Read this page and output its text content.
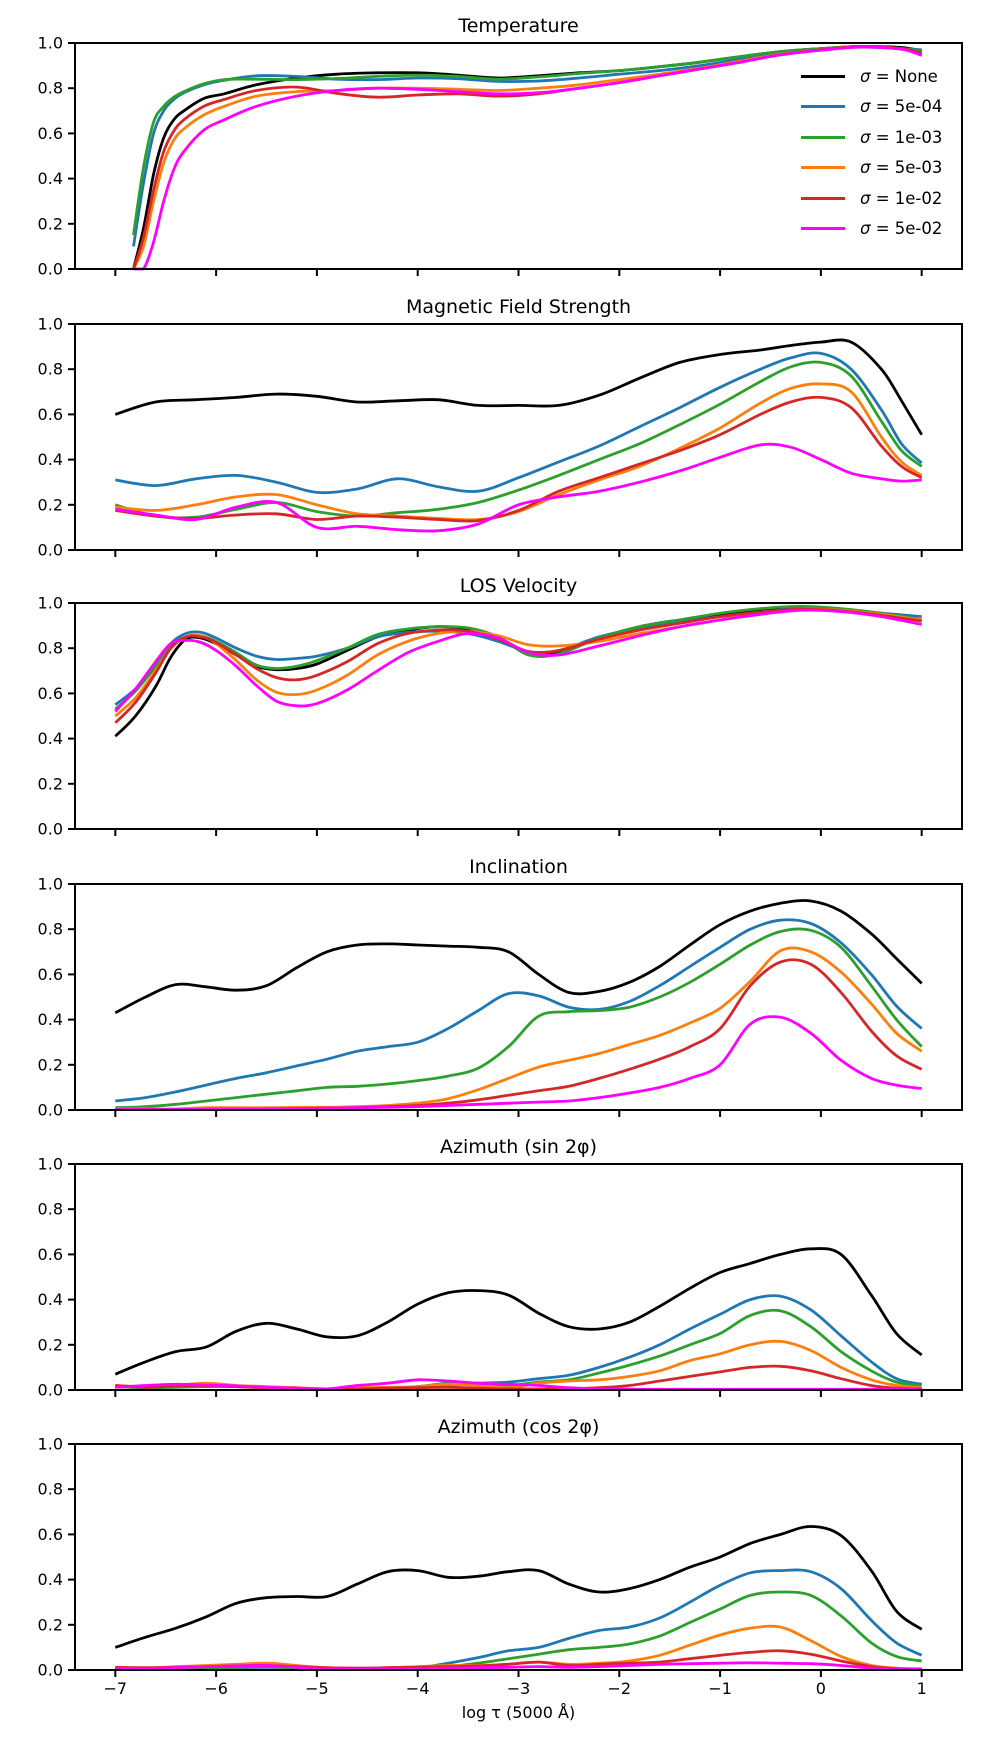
0.0
0.2
0.4
0.6
0.8
1.0
0.0
0.2
0.4
0.6
0.8
1.0
0.0
0.2
0.4
0.6
0.8
1.0
0.0
0.2
0.4
0.6
0.8
1.0
0.0
0.2
0.4
0.6
0.8
1.0
−7	−6	−5	−4	−3	−2	−1	0	1
0.0
0.2
0.4
0.6
0.8
1.0
Temperature
Magnetic Field Strength
LOS Velocity
Inclination
Azimuth (sin 2φ)
Azimuth (cos 2φ)
σ = None
σ = 5e-04
σ = 1e-03
σ = 5e-03
σ = 1e-02
σ = 5e-02
log τ (5000 Å)
